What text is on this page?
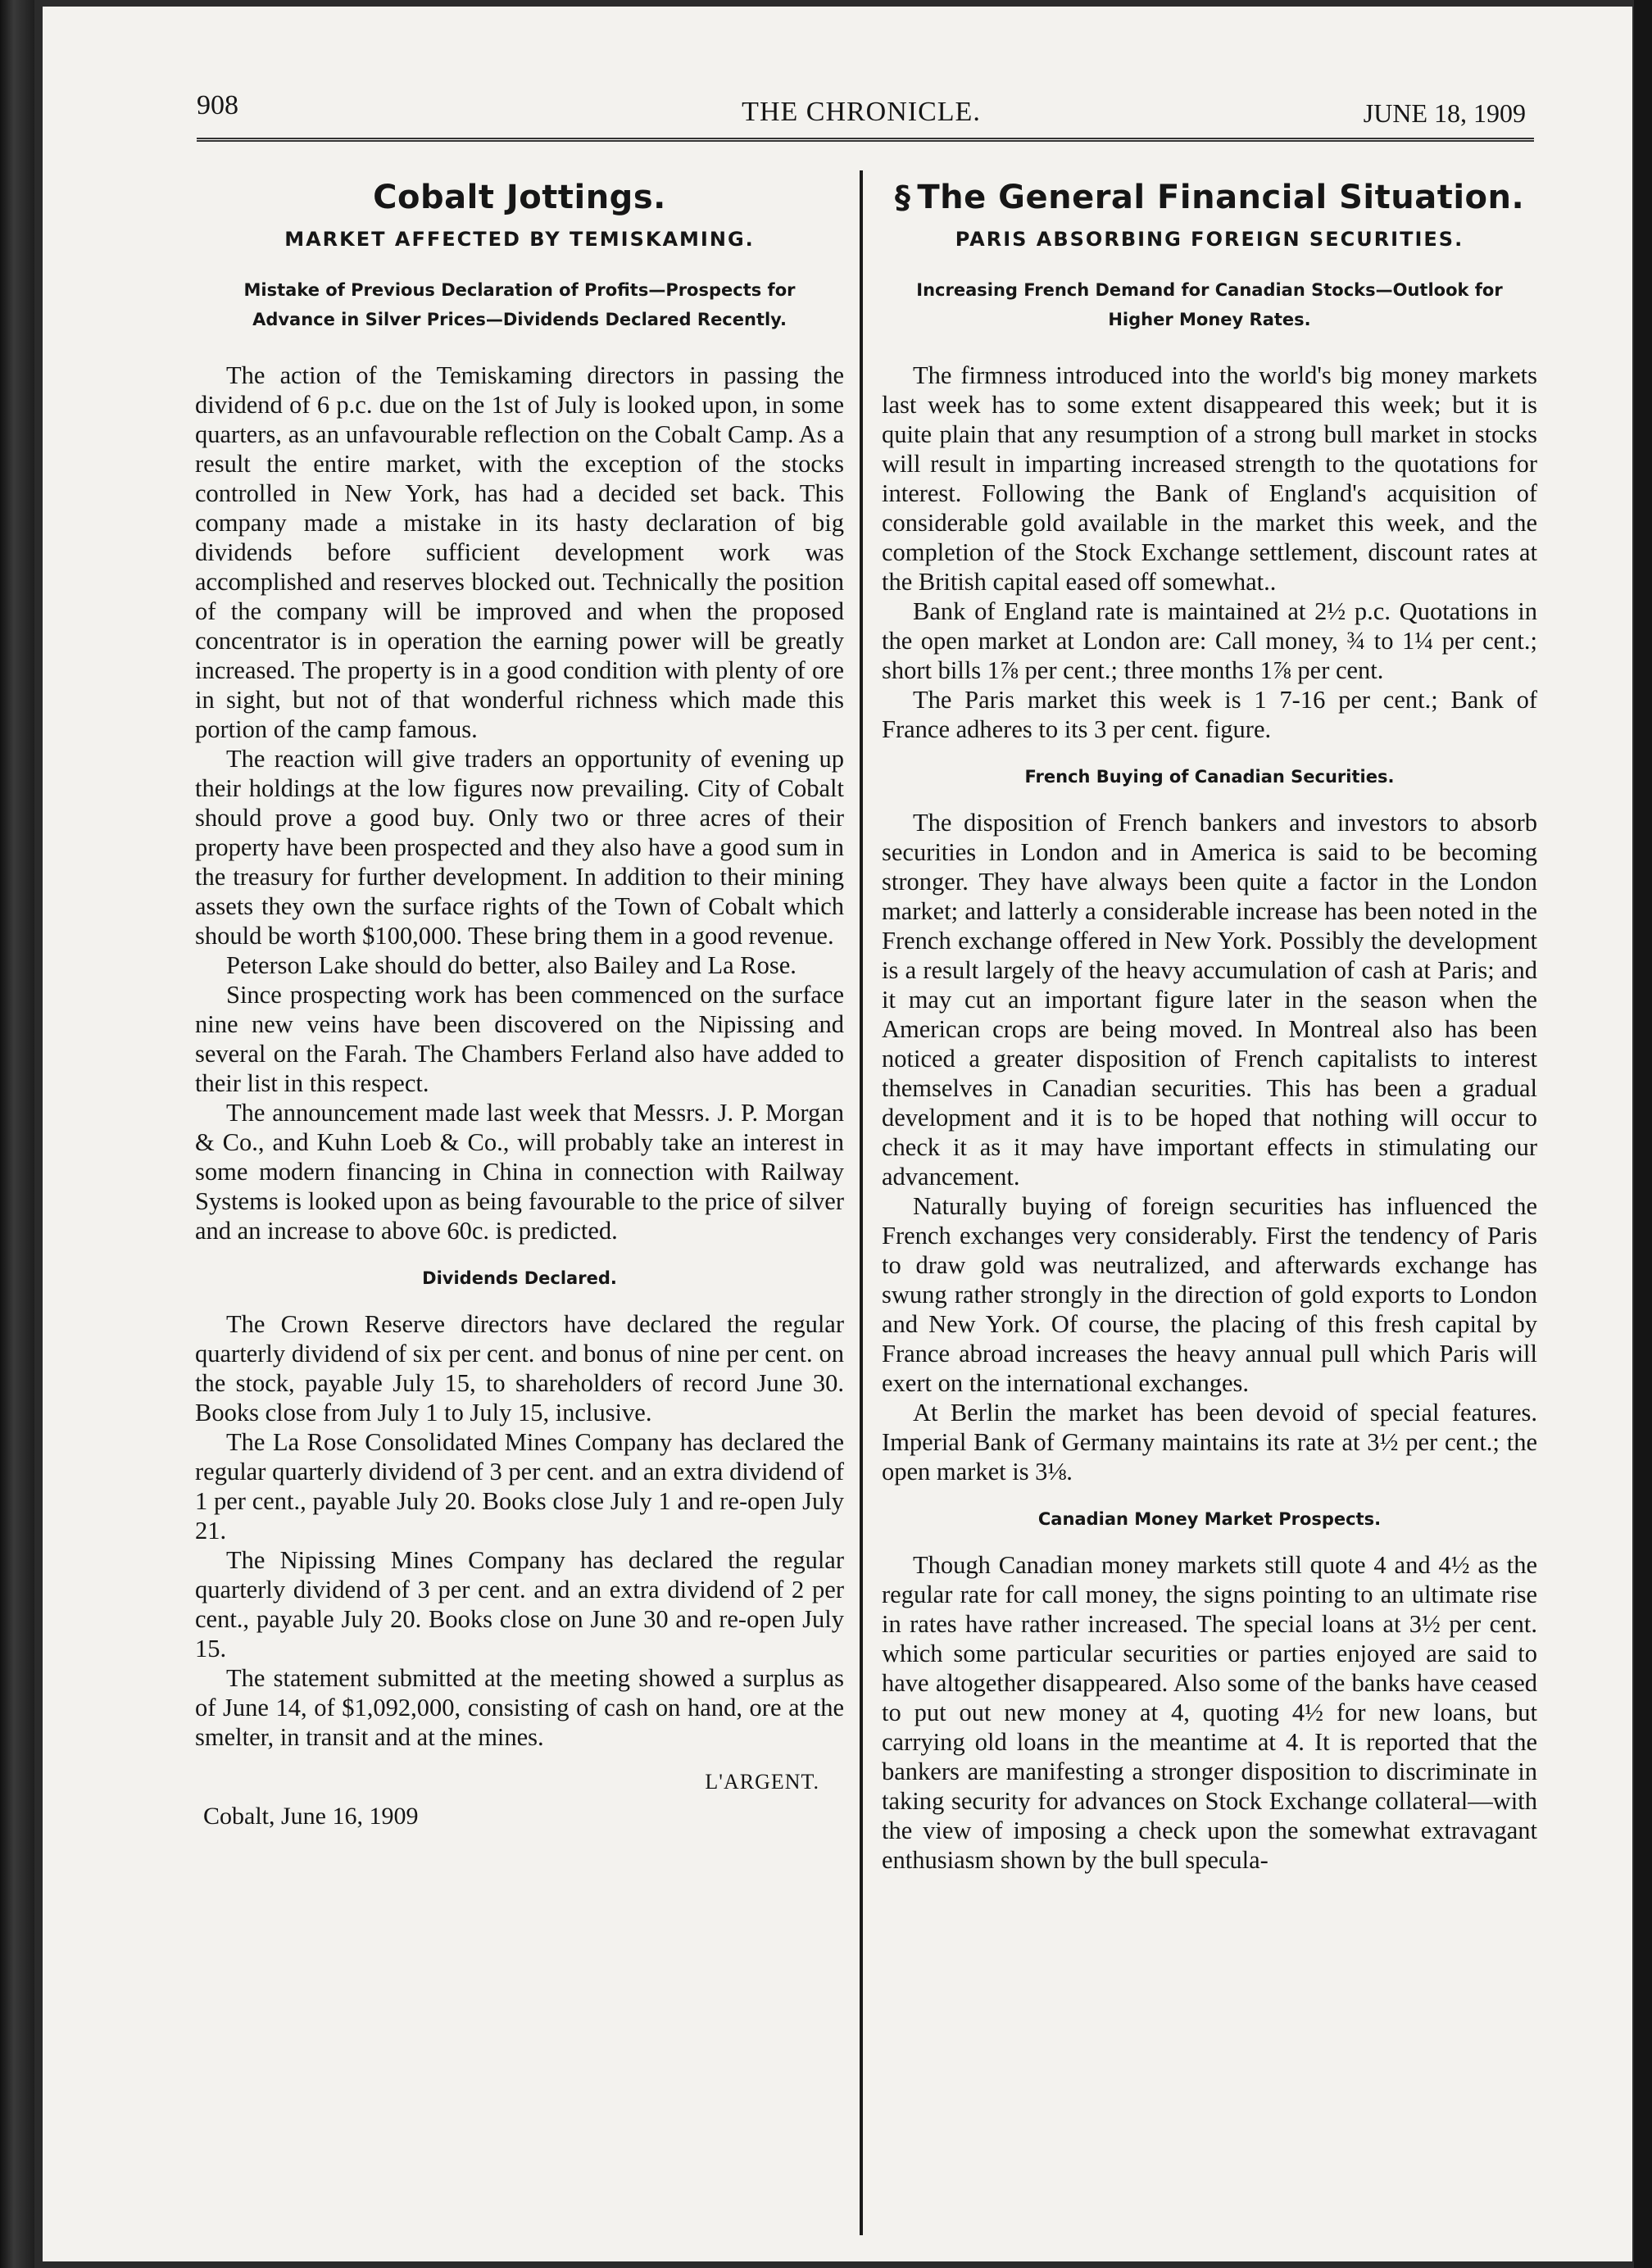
908	THE CHRONICLE.	JUNE 18, 1909
Cobalt Jottings.
MARKET AFFECTED BY TEMISKAMING.
Mistake of Previous Declaration of Profits—Prospects for Advance in Silver Prices—Dividends Declared Recently.

The action of the Temiskaming directors in passing the dividend of 6 p.c. due on the 1st of July is looked upon, in some quarters, as an unfavourable reflection on the Cobalt Camp. As a result the entire market, with the exception of the stocks controlled in New York, has had a decided set back. This company made a mistake in its hasty declaration of big dividends before sufficient development work was accomplished and reserves blocked out. Technically the position of the company will be improved and when the proposed concentrator is in operation the earning power will be greatly increased. The property is in a good condition with plenty of ore in sight, but not of that wonderful richness which made this portion of the camp famous.

The reaction will give traders an opportunity of evening up their holdings at the low figures now prevailing. City of Cobalt should prove a good buy. Only two or three acres of their property have been prospected and they also have a good sum in the treasury for further development. In addition to their mining assets they own the surface rights of the Town of Cobalt which should be worth $100,000. These bring them in a good revenue.

Peterson Lake should do better, also Bailey and La Rose.

Since prospecting work has been commenced on the surface nine new veins have been discovered on the Nipissing and several on the Farah. The Chambers Ferland also have added to their list in this respect.

The announcement made last week that Messrs. J. P. Morgan & Co., and Kuhn Loeb & Co., will probably take an interest in some modern financing in China in connection with Railway Systems is looked upon as being favourable to the price of silver and an increase to above 60c. is predicted.

Dividends Declared.

The Crown Reserve directors have declared the regular quarterly dividend of six per cent. and bonus of nine per cent. on the stock, payable July 15, to shareholders of record June 30. Books close from July 1 to July 15, inclusive.

The La Rose Consolidated Mines Company has declared the regular quarterly dividend of 3 per cent. and an extra dividend of 1 per cent., payable July 20. Books close July 1 and re-open July 21.

The Nipissing Mines Company has declared the regular quarterly dividend of 3 per cent. and an extra dividend of 2 per cent., payable July 20. Books close on June 30 and re-open July 15.

The statement submitted at the meeting showed a surplus as of June 14, of $1,092,000, consisting of cash on hand, ore at the smelter, in transit and at the mines.

L'ARGENT.
Cobalt, June 16, 1909
§ The General Financial Situation.
PARIS ABSORBING FOREIGN SECURITIES.
Increasing French Demand for Canadian Stocks—Outlook for Higher Money Rates.

The firmness introduced into the world's big money markets last week has to some extent disappeared this week; but it is quite plain that any resumption of a strong bull market in stocks will result in imparting increased strength to the quotations for interest. Following the Bank of England's acquisition of considerable gold available in the market this week, and the completion of the Stock Exchange settlement, discount rates at the British capital eased off somewhat..

Bank of England rate is maintained at 2½ p.c. Quotations in the open market at London are: Call money, ¾ to 1¼ per cent.; short bills 1⅞ per cent.; three months 1⅞ per cent.

The Paris market this week is 1 7-16 per cent.; Bank of France adheres to its 3 per cent. figure.

French Buying of Canadian Securities.

The disposition of French bankers and investors to absorb securities in London and in America is said to be becoming stronger. They have always been quite a factor in the London market; and latterly a considerable increase has been noted in the French exchange offered in New York. Possibly the development is a result largely of the heavy accumulation of cash at Paris; and it may cut an important figure later in the season when the American crops are being moved. In Montreal also has been noticed a greater disposition of French capitalists to interest themselves in Canadian securities. This has been a gradual development and it is to be hoped that nothing will occur to check it as it may have important effects in stimulating our advancement.

Naturally buying of foreign securities has influenced the French exchanges very considerably. First the tendency of Paris to draw gold was neutralized, and afterwards exchange has swung rather strongly in the direction of gold exports to London and New York. Of course, the placing of this fresh capital by France abroad increases the heavy annual pull which Paris will exert on the international exchanges.

At Berlin the market has been devoid of special features. Imperial Bank of Germany maintains its rate at 3½ per cent.; the open market is 3⅛.

Canadian Money Market Prospects.

Though Canadian money markets still quote 4 and 4½ as the regular rate for call money, the signs pointing to an ultimate rise in rates have rather increased. The special loans at 3½ per cent. which some particular securities or parties enjoyed are said to have altogether disappeared. Also some of the banks have ceased to put out new money at 4, quoting 4½ for new loans, but carrying old loans in the meantime at 4. It is reported that the bankers are manifesting a stronger disposition to discriminate in taking security for advances on Stock Exchange collateral—with the view of imposing a check upon the somewhat extravagant enthusiasm shown by the bull specula-
